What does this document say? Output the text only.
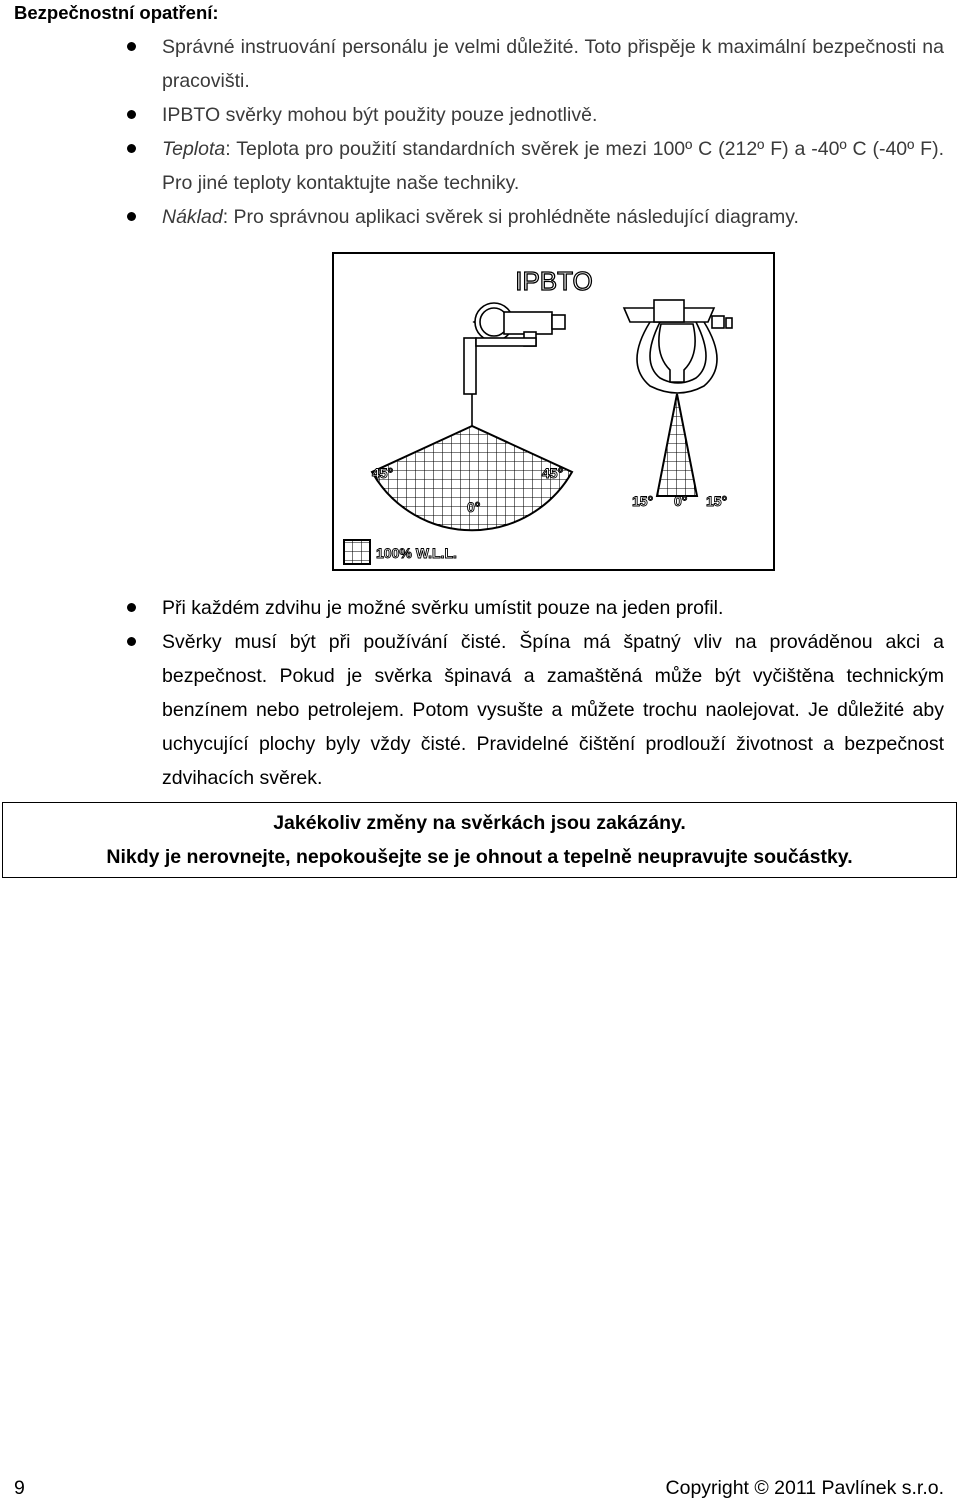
Bezpečnostní opatření:
Správné instruování personálu je velmi důležité. Toto přispěje k maximální bezpečnosti na pracovišti.
IPBTO svěrky mohou být použity pouze jednotlivě.
Teplota: Teplota pro použití standardních svěrek je mezi 100º C (212º F) a -40º C (-40º F). Pro jiné teploty kontaktujte naše techniky.
Náklad: Pro správnou aplikaci svěrek si prohlédněte následující diagramy.
IPBTO
45°	45°
0°	15° 0° 15°
100% W.L.L.
Při každém zdvihu je možné svěrku umístit pouze na jeden profil.
Svěrky musí být při používání čisté. Špína má špatný vliv na prováděnou akci a bezpečnost. Pokud je svěrka špinavá a zamaštěná může být vyčištěna technickým benzínem nebo petrolejem. Potom vysušte a můžete trochu naolejovat. Je důležité aby uchycující plochy byly vždy čisté. Pravidelné čištění prodlouží životnost a bezpečnost zdvihacích svěrek.
Jakékoliv změny na svěrkách jsou zakázány.
Nikdy je nerovnejte, nepokoušejte se je ohnout a tepelně neupravujte součástky.
9	Copyright © 2011 Pavlínek s.r.o.
